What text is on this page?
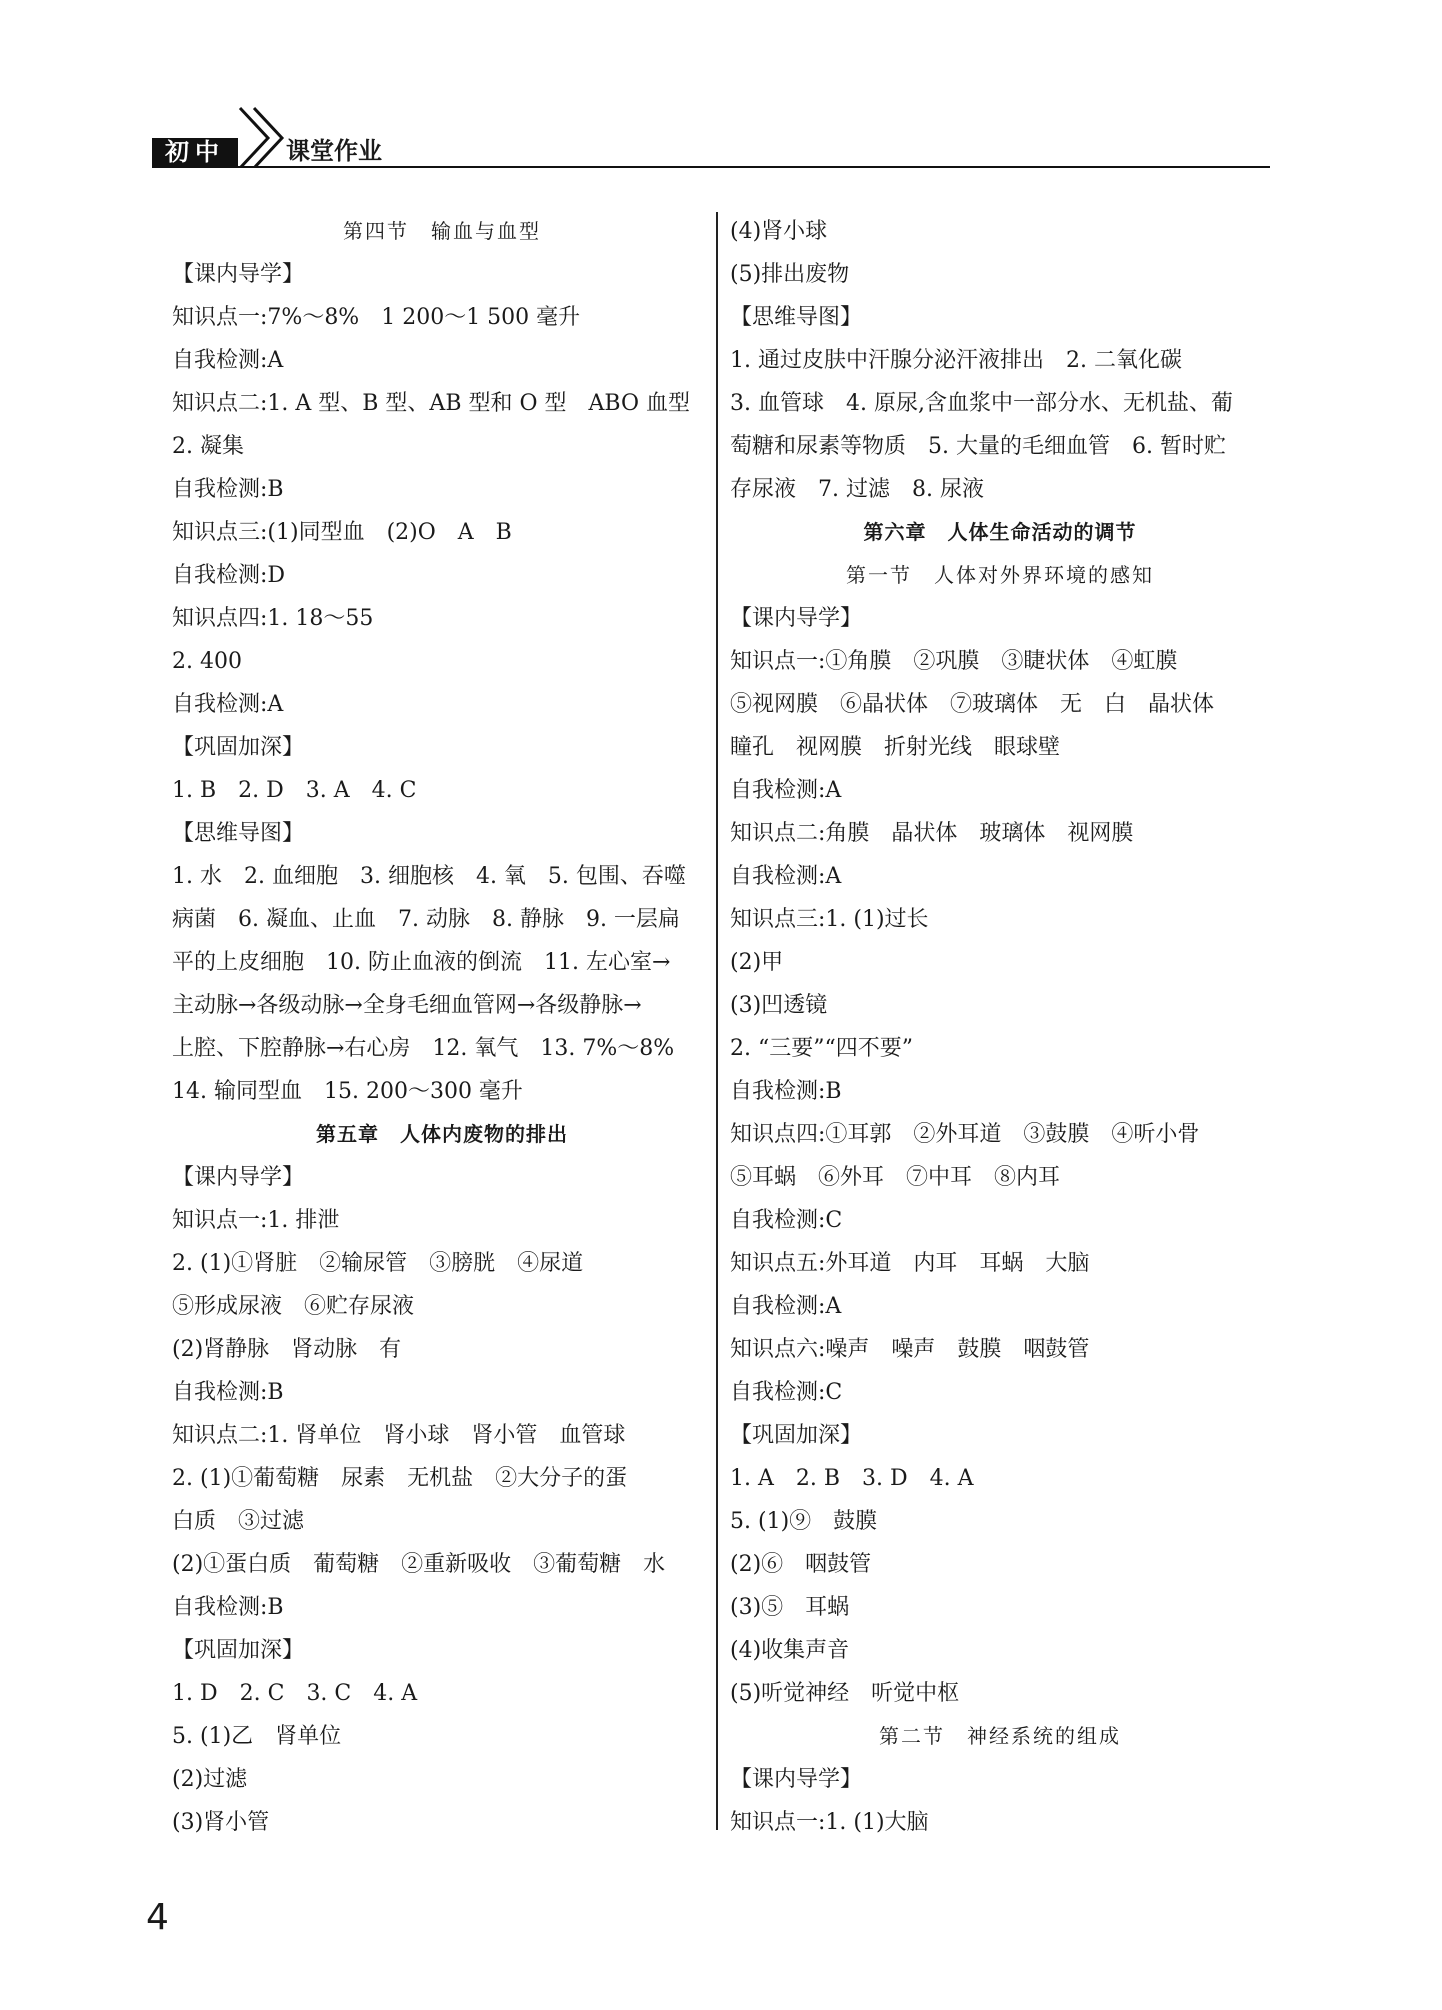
初中	课堂作业
第四节　输血与血型
【课内导学】
知识点一:7%～8%　1 200～1 500 毫升
自我检测:A
知识点二:1. A 型、B 型、AB 型和 O 型　ABO 血型
2. 凝集
自我检测:B
知识点三:(1)同型血　(2)O　A　B
自我检测:D
知识点四:1. 18～55
2. 400
自我检测:A
【巩固加深】
1. B　2. D　3. A　4. C
【思维导图】
1. 水　2. 血细胞　3. 细胞核　4. 氧　5. 包围、吞噬
病菌　6. 凝血、止血　7. 动脉　8. 静脉　9. 一层扁
平的上皮细胞　10. 防止血液的倒流　11. 左心室→
主动脉→各级动脉→全身毛细血管网→各级静脉→
上腔、下腔静脉→右心房　12. 氧气　13. 7%～8%
14. 输同型血　15. 200～300 毫升
第五章　人体内废物的排出
【课内导学】
知识点一:1. 排泄
2. (1)①肾脏　②输尿管　③膀胱　④尿道
⑤形成尿液　⑥贮存尿液
(2)肾静脉　肾动脉　有
自我检测:B
知识点二:1. 肾单位　肾小球　肾小管　血管球
2. (1)①葡萄糖　尿素　无机盐　②大分子的蛋
白质　③过滤
(2)①蛋白质　葡萄糖　②重新吸收　③葡萄糖　水
自我检测:B
【巩固加深】
1. D　2. C　3. C　4. A
5. (1)乙　肾单位
(2)过滤
(3)肾小管
(4)肾小球
(5)排出废物
【思维导图】
1. 通过皮肤中汗腺分泌汗液排出　2. 二氧化碳
3. 血管球　4. 原尿,含血浆中一部分水、无机盐、葡
萄糖和尿素等物质　5. 大量的毛细血管　6. 暂时贮
存尿液　7. 过滤　8. 尿液
第六章　人体生命活动的调节
第一节　人体对外界环境的感知
【课内导学】
知识点一:①角膜　②巩膜　③睫状体　④虹膜
⑤视网膜　⑥晶状体　⑦玻璃体　无　白　晶状体
瞳孔　视网膜　折射光线　眼球壁
自我检测:A
知识点二:角膜　晶状体　玻璃体　视网膜
自我检测:A
知识点三:1. (1)过长
(2)甲
(3)凹透镜
2. “三要”“四不要”
自我检测:B
知识点四:①耳郭　②外耳道　③鼓膜　④听小骨
⑤耳蜗　⑥外耳　⑦中耳　⑧内耳
自我检测:C
知识点五:外耳道　内耳　耳蜗　大脑
自我检测:A
知识点六:噪声　噪声　鼓膜　咽鼓管
自我检测:C
【巩固加深】
1. A　2. B　3. D　4. A
5. (1)⑨　鼓膜
(2)⑥　咽鼓管
(3)⑤　耳蜗
(4)收集声音
(5)听觉神经　听觉中枢
第二节　神经系统的组成
【课内导学】
知识点一:1. (1)大脑
4
